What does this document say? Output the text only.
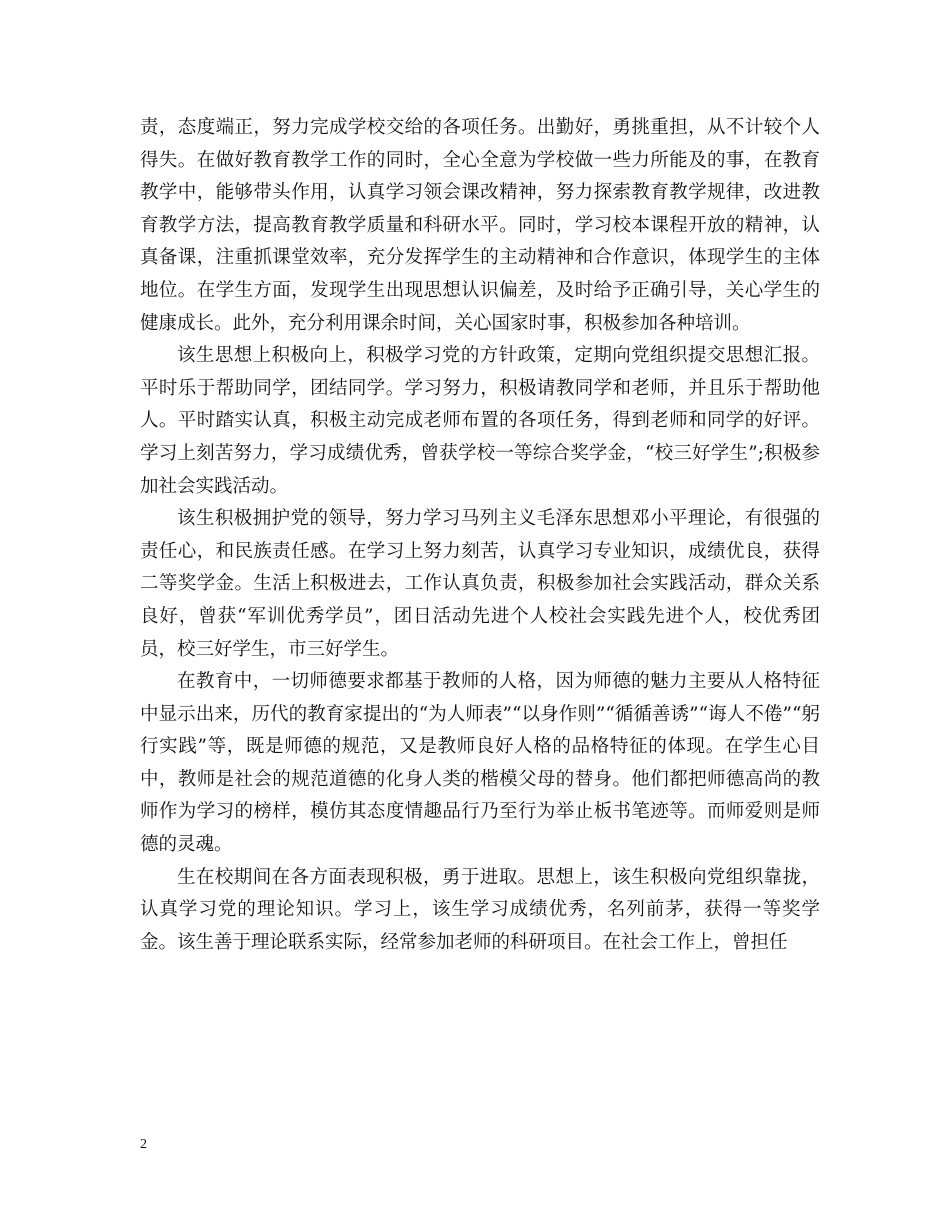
责，态度端正，努力完成学校交给的各项任务。出勤好，勇挑重担，从不计较个人得失。在做好教育教学工作的同时，全心全意为学校做一些力所能及的事，在教育教学中，能够带头作用，认真学习领会课改精神，努力探索教育教学规律，改进教育教学方法，提高教育教学质量和科研水平。同时，学习校本课程开放的精神，认真备课，注重抓课堂效率，充分发挥学生的主动精神和合作意识，体现学生的主体地位。在学生方面，发现学生出现思想认识偏差，及时给予正确引导，关心学生的健康成长。此外，充分利用课余时间，关心国家时事，积极参加各种培训。

该生思想上积极向上，积极学习党的方针政策，定期向党组织提交思想汇报。平时乐于帮助同学，团结同学。学习努力，积极请教同学和老师，并且乐于帮助他人。平时踏实认真，积极主动完成老师布置的各项任务，得到老师和同学的好评。学习上刻苦努力，学习成绩优秀，曾获学校一等综合奖学金，“校三好学生”;积极参加社会实践活动。

该生积极拥护党的领导，努力学习马列主义毛泽东思想邓小平理论，有很强的责任心，和民族责任感。在学习上努力刻苦，认真学习专业知识，成绩优良，获得二等奖学金。生活上积极进去，工作认真负责，积极参加社会实践活动，群众关系良好，曾获“军训优秀学员”，团日活动先进个人校社会实践先进个人，校优秀团员，校三好学生，市三好学生。

在教育中，一切师德要求都基于教师的人格，因为师德的魅力主要从人格特征中显示出来，历代的教育家提出的“为人师表”“以身作则”“循循善诱”“诲人不倦”“躬行实践”等，既是师德的规范，又是教师良好人格的品格特征的体现。在学生心目中，教师是社会的规范道德的化身人类的楷模父母的替身。他们都把师德高尚的教师作为学习的榜样，模仿其态度情趣品行乃至行为举止板书笔迹等。而师爱则是师德的灵魂。

生在校期间在各方面表现积极，勇于进取。思想上，该生积极向党组织靠拢，认真学习党的理论知识。学习上，该生学习成绩优秀，名列前茅，获得一等奖学金。该生善于理论联系实际，经常参加老师的科研项目。在社会工作上，曾担任

2
